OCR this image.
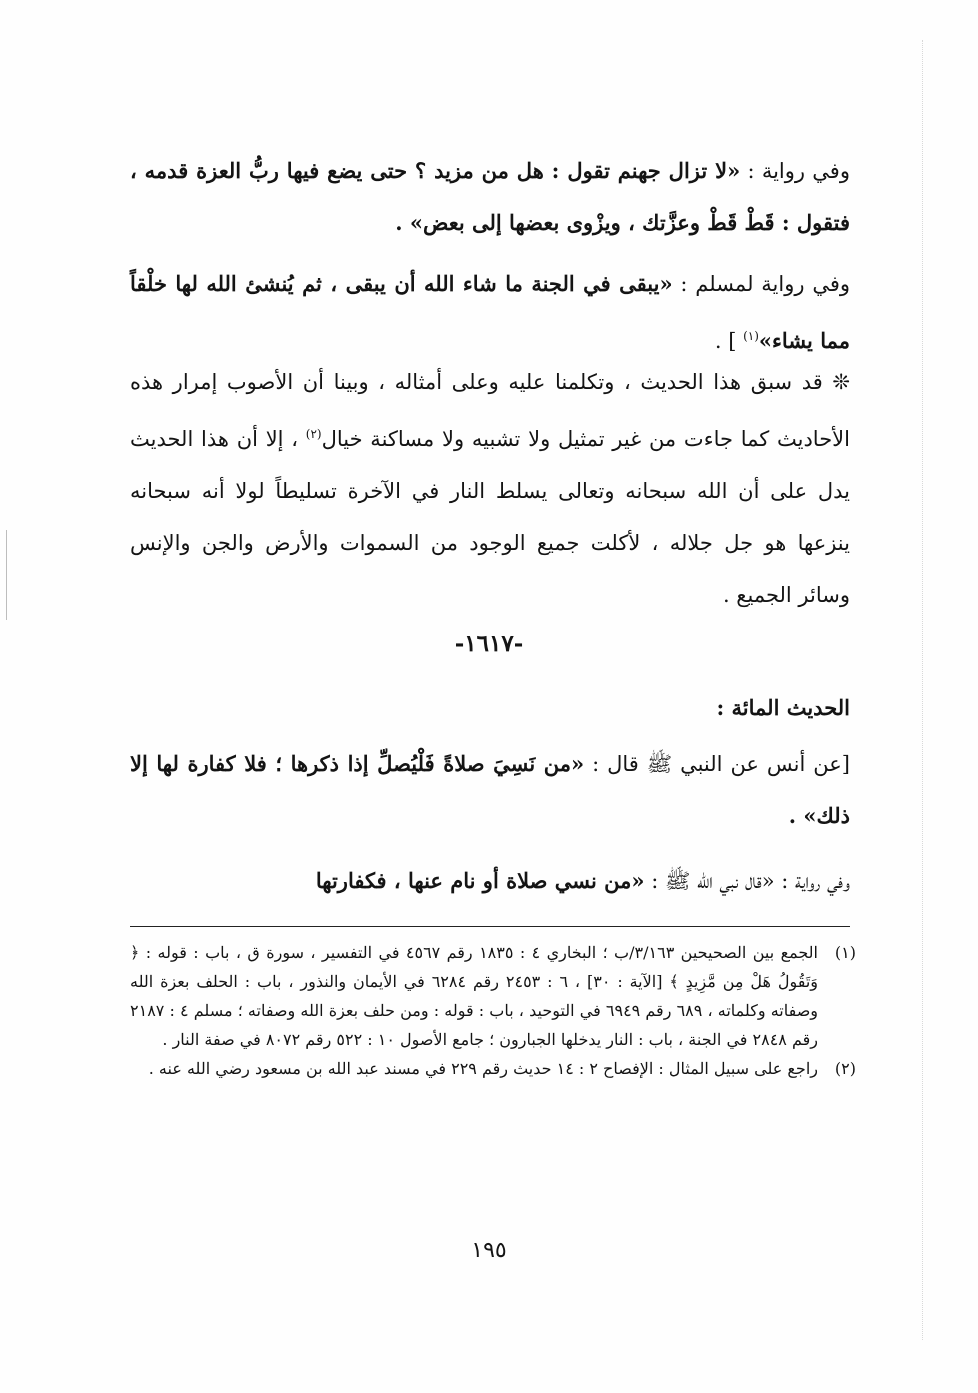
وفي رواية : «لا تزال جهنم تقول : هل من مزيد ؟ حتى يضع فيها ربُّ العزة قدمه ، فتقول : قَطْ قَطْ وعزَّتك ، ويزْوى بعضها إلى بعض» .

وفي رواية لمسلم : «يبقى في الجنة ما شاء الله أن يبقى ، ثم يُنشئ الله لها خلْقاً مما يشاء»$^{(١)}$ ] .

❊ قد سبق هذا الحديث ، وتكلمنا عليه وعلى أمثاله ، وبينا أن الأصوب إمرار هذه الأحاديث كما جاءت من غير تمثيل ولا تشبيه ولا مساكنة خيال$^{(٢)}$ ، إلا أن هذا الحديث يدل على أن الله سبحانه وتعالى يسلط النار في الآخرة تسليطاً لولا أنه سبحانه ينزعها هو جل جلاله ، لأكلت جميع الوجود من السموات والأرض والجن والإنس وسائر الجميع .

-١٦١٧-

الحديث المائة :

[عن أنس عن النبي ﷺ قال : «من نَسِيَ صلاةً فَلْيُصلِّ إذا ذكرها ؛ فلا كفارة لها إلا ذلك» .

وفي رواية : «قال نبي الله ﷺ : «من نسي صلاة أو نام عنها ، فكفارتها

(١)
الجمع بين الصحيحين ٣/١٦٣/ب ؛ البخاري ٤ : ١٨٣٥ رقم ٤٥٦٧ في التفسير ، سورة ق ، باب : قوله : ﴿ وَتَقُولُ هَلْ مِن مَّزِيدٍ ﴾ [الآية : ٣٠] ، ٦ : ٢٤٥٣ رقم ٦٢٨٤ في الأيمان والنذور ، باب : الحلف بعزة الله وصفاته وكلماته ، ٦٨٩ رقم ٦٩٤٩ في التوحيد ، باب : قوله : ومن حلف بعزة الله وصفاته ؛ مسلم ٤ : ٢١٨٧ رقم ٢٨٤٨ في الجنة ، باب : النار يدخلها الجبارون ؛ جامع الأصول ١٠ : ٥٢٢ رقم ٨٠٧٢ في صفة النار .
(٢)
راجع على سبيل المثال : الإفصاح ٢ : ١٤ حديث رقم ٢٢٩ في مسند عبد الله بن مسعود رضي الله عنه .

١٩٥
